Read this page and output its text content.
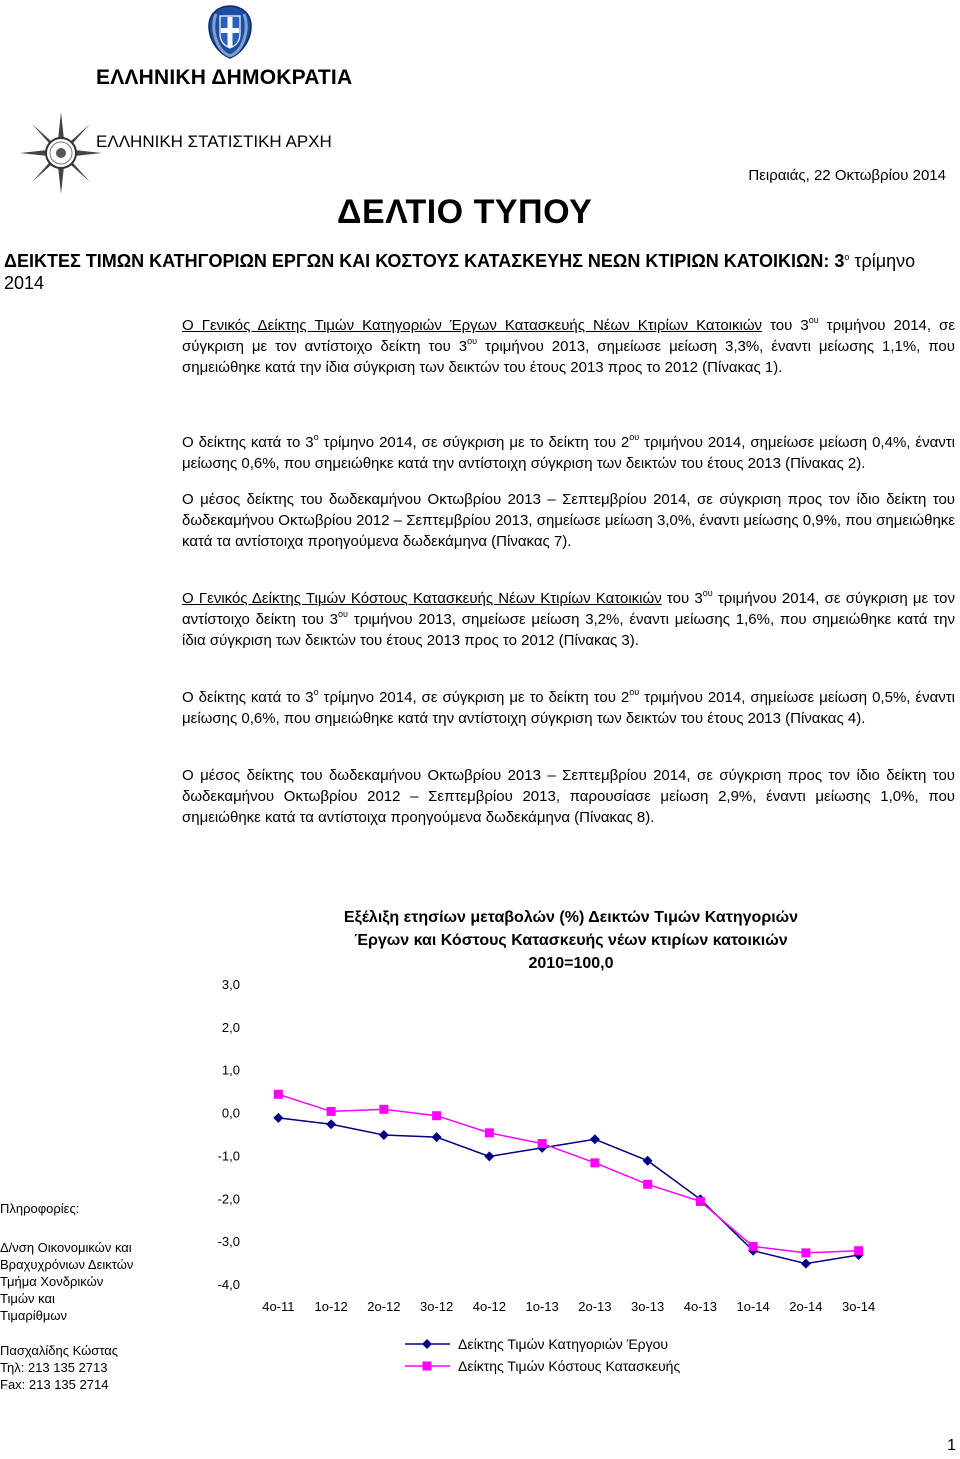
ΕΛΛΗΝΙΚΗ ΔΗΜΟΚΡΑΤΙΑ
ΕΛΛΗΝΙΚΗ ΣΤΑΤΙΣΤΙΚΗ ΑΡΧΗ
Πειραιάς, 22 Οκτωβρίου 2014
ΔΕΛΤΙΟ ΤΥΠΟΥ
ΔΕΙΚΤΕΣ ΤΙΜΩΝ ΚΑΤΗΓΟΡΙΩΝ ΕΡΓΩΝ ΚΑΙ ΚΟΣΤΟΥΣ ΚΑΤΑΣΚΕΥΗΣ ΝΕΩΝ ΚΤΙΡΙΩΝ ΚΑΤΟΙΚΙΩΝ: $3^o$ τρίμηνο 2014
Ο Γενικός Δείκτης Τιμών Κατηγοριών Έργων Κατασκευής Νέων Κτιρίων Κατοικιών του $3^{o\upsilon}$ τριμήνου 2014, σε σύγκριση με τον αντίστοιχο δείκτη του $3^{o\upsilon}$ τριμήνου 2013, σημείωσε μείωση 3,3%, έναντι μείωσης 1,1%, που σημειώθηκε κατά την ίδια σύγκριση των δεικτών του έτους 2013 προς το 2012 (Πίνακας 1).
Ο δείκτης κατά το $3^o$ τρίμηνο 2014, σε σύγκριση με το δείκτη του $2^{o\upsilon}$ τριμήνου 2014, σημείωσε μείωση 0,4%, έναντι μείωσης 0,6%, που σημειώθηκε κατά την αντίστοιχη σύγκριση των δεικτών του έτους 2013 (Πίνακας 2).
Ο μέσος δείκτης του δωδεκαμήνου Οκτωβρίου 2013 – Σεπτεμβρίου 2014, σε σύγκριση προς τον ίδιο δείκτη του δωδεκαμήνου Οκτωβρίου 2012 – Σεπτεμβρίου 2013, σημείωσε μείωση 3,0%, έναντι μείωσης 0,9%, που σημειώθηκε κατά τα αντίστοιχα προηγούμενα δωδεκάμηνα (Πίνακας 7).
Ο Γενικός Δείκτης Τιμών Κόστους Κατασκευής Νέων Κτιρίων Κατοικιών του $3^{o\upsilon}$ τριμήνου 2014, σε σύγκριση με τον αντίστοιχο δείκτη του $3^{o\upsilon}$ τριμήνου 2013, σημείωσε μείωση 3,2%, έναντι μείωσης 1,6%, που σημειώθηκε κατά την ίδια σύγκριση των δεικτών του έτους 2013 προς το 2012 (Πίνακας 3).
Ο δείκτης κατά το $3^o$ τρίμηνο 2014, σε σύγκριση με το δείκτη του $2^{o\upsilon}$ τριμήνου 2014, σημείωσε μείωση 0,5%, έναντι μείωσης 0,6%, που σημειώθηκε κατά την αντίστοιχη σύγκριση των δεικτών του έτους 2013 (Πίνακας 4).
Ο μέσος δείκτης του δωδεκαμήνου Οκτωβρίου 2013 – Σεπτεμβρίου 2014, σε σύγκριση προς τον ίδιο δείκτη του δωδεκαμήνου Οκτωβρίου 2012 – Σεπτεμβρίου 2013, παρουσίασε μείωση 2,9%, έναντι μείωσης 1,0%, που σημειώθηκε κατά τα αντίστοιχα προηγούμενα δωδεκάμηνα (Πίνακας 8).
Εξέλιξη ετησίων μεταβολών (%) Δεικτών Τιμών Κατηγοριών
Έργων και Κόστους Κατασκευής νέων κτιρίων κατοικιών
2010=100,0
3,0
2,0
1,0
0,0
-1,0
-2,0
-3,0
-4,0
4o-11 1o-12 2o-12 3o-12 4o-12 1o-13 2o-13 3o-13 4o-13 1o-14 2o-14 3o-14
Δείκτης Τιμών Κατηγοριών Έργου
Δείκτης Τιμών Κόστους Κατασκευής

Πληροφορίες:

Δ/νση Οικονομικών και

Βραχυχρόνιων Δεικτών

Τμήμα Χονδρικών

Τιμών και

Τιμαρίθμων

Πασχαλίδης Κώστας

Τηλ: 213 135 2713

Fax: 213 135 2714

1
